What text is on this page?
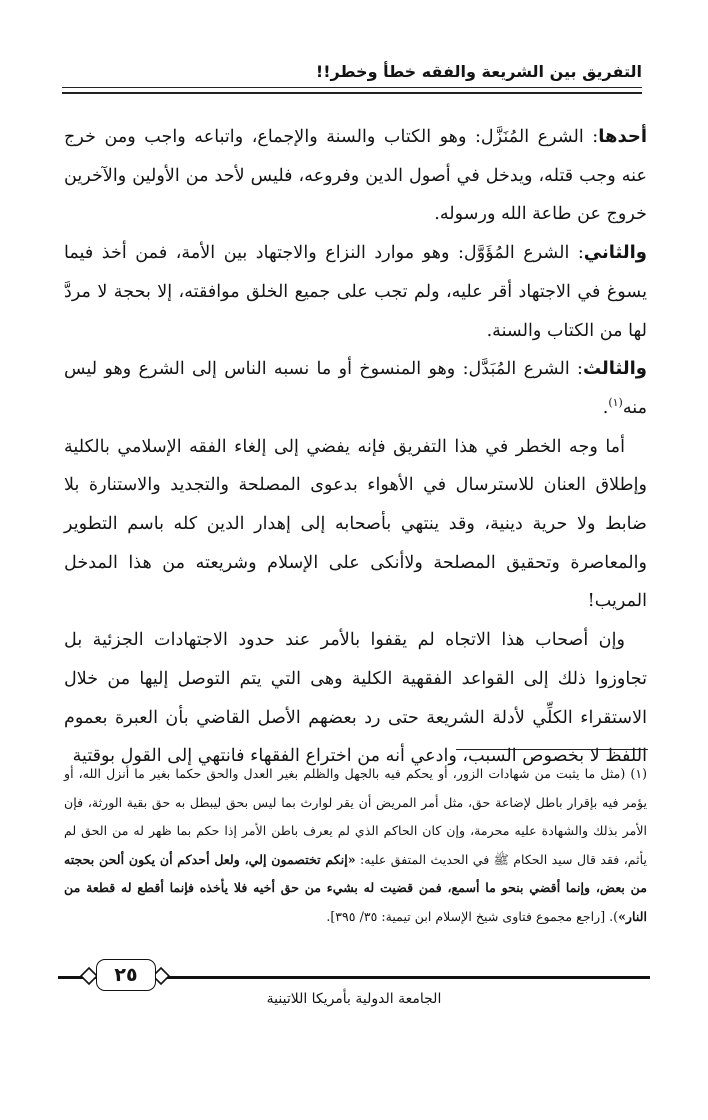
التفريق بين الشريعة والفقه خطأ وخطر!!

أحدها: الشرع المُنَزَّل: وهو الكتاب والسنة والإجماع، واتباعه واجب ومن خرج عنه وجب قتله، ويدخل في أصول الدين وفروعه، فليس لأحد من الأولين والآخرين خروج عن طاعة الله ورسوله.

والثاني: الشرع المُؤَوَّل: وهو موارد النزاع والاجتهاد بين الأمة، فمن أخذ فيما يسوغ في الاجتهاد أقر عليه، ولم تجب على جميع الخلق موافقته، إلا بحجة لا مردَّ لها من الكتاب والسنة.

والثالث: الشرع المُبَدَّل: وهو المنسوخ أو ما نسبه الناس إلى الشرع وهو ليس منه$^{(١)}$.

أما وجه الخطر في هذا التفريق فإنه يفضي إلى إلغاء الفقه الإسلامي بالكلية وإطلاق العنان للاسترسال في الأهواء بدعوى المصلحة والتجديد والاستنارة بلا ضابط ولا حرية دينية، وقد ينتهي بأصحابه إلى إهدار الدين كله باسم التطوير والمعاصرة وتحقيق المصلحة ولاأنكى على الإسلام وشريعته من هذا المدخل المريب!

وإن أصحاب هذا الاتجاه لم يقفوا بالأمر عند حدود الاجتهادات الجزئية بل تجاوزوا ذلك إلى القواعد الفقهية الكلية وهى التي يتم التوصل إليها من خلال الاستقراء الكلِّي لأدلة الشريعة حتى رد بعضهم الأصل القاضي بأن العبرة بعموم اللفظ لا بخصوص السبب، وادعي أنه من اختراع الفقهاء فانتهي إلى القول بوقتية

(١) (مثل ما يثبت من شهادات الزور، أو يحكم فيه بالجهل والظلم بغير العدل والحق حكما بغير ما أنزل الله، أو يؤمر فيه بإقرار باطل لإضاعة حق، مثل أمر المريض أن يقر لوارث بما ليس بحق ليبطل به حق بقية الورثة، فإن الأمر بذلك والشهادة عليه محرمة، وإن كان الحاكم الذي لم يعرف باطن الأمر إذا حكم بما ظهر له من الحق لم يأثم، فقد قال سيد الحكام ﷺ في الحديث المتفق عليه: «إنكم تختصمون إلي، ولعل أحدكم أن يكون ألحن بحجته من بعض، وإنما أقضي بنحو ما أسمع، فمن قضيت له بشيء من حق أخيه فلا يأخذه فإنما أقطع له قطعة من النار»). [راجع مجموع فتاوى شيخ الإسلام ابن تيمية: ٣٥/ ٣٩٥].

٢٥
الجامعة الدولية بأمريكا اللاتينية
